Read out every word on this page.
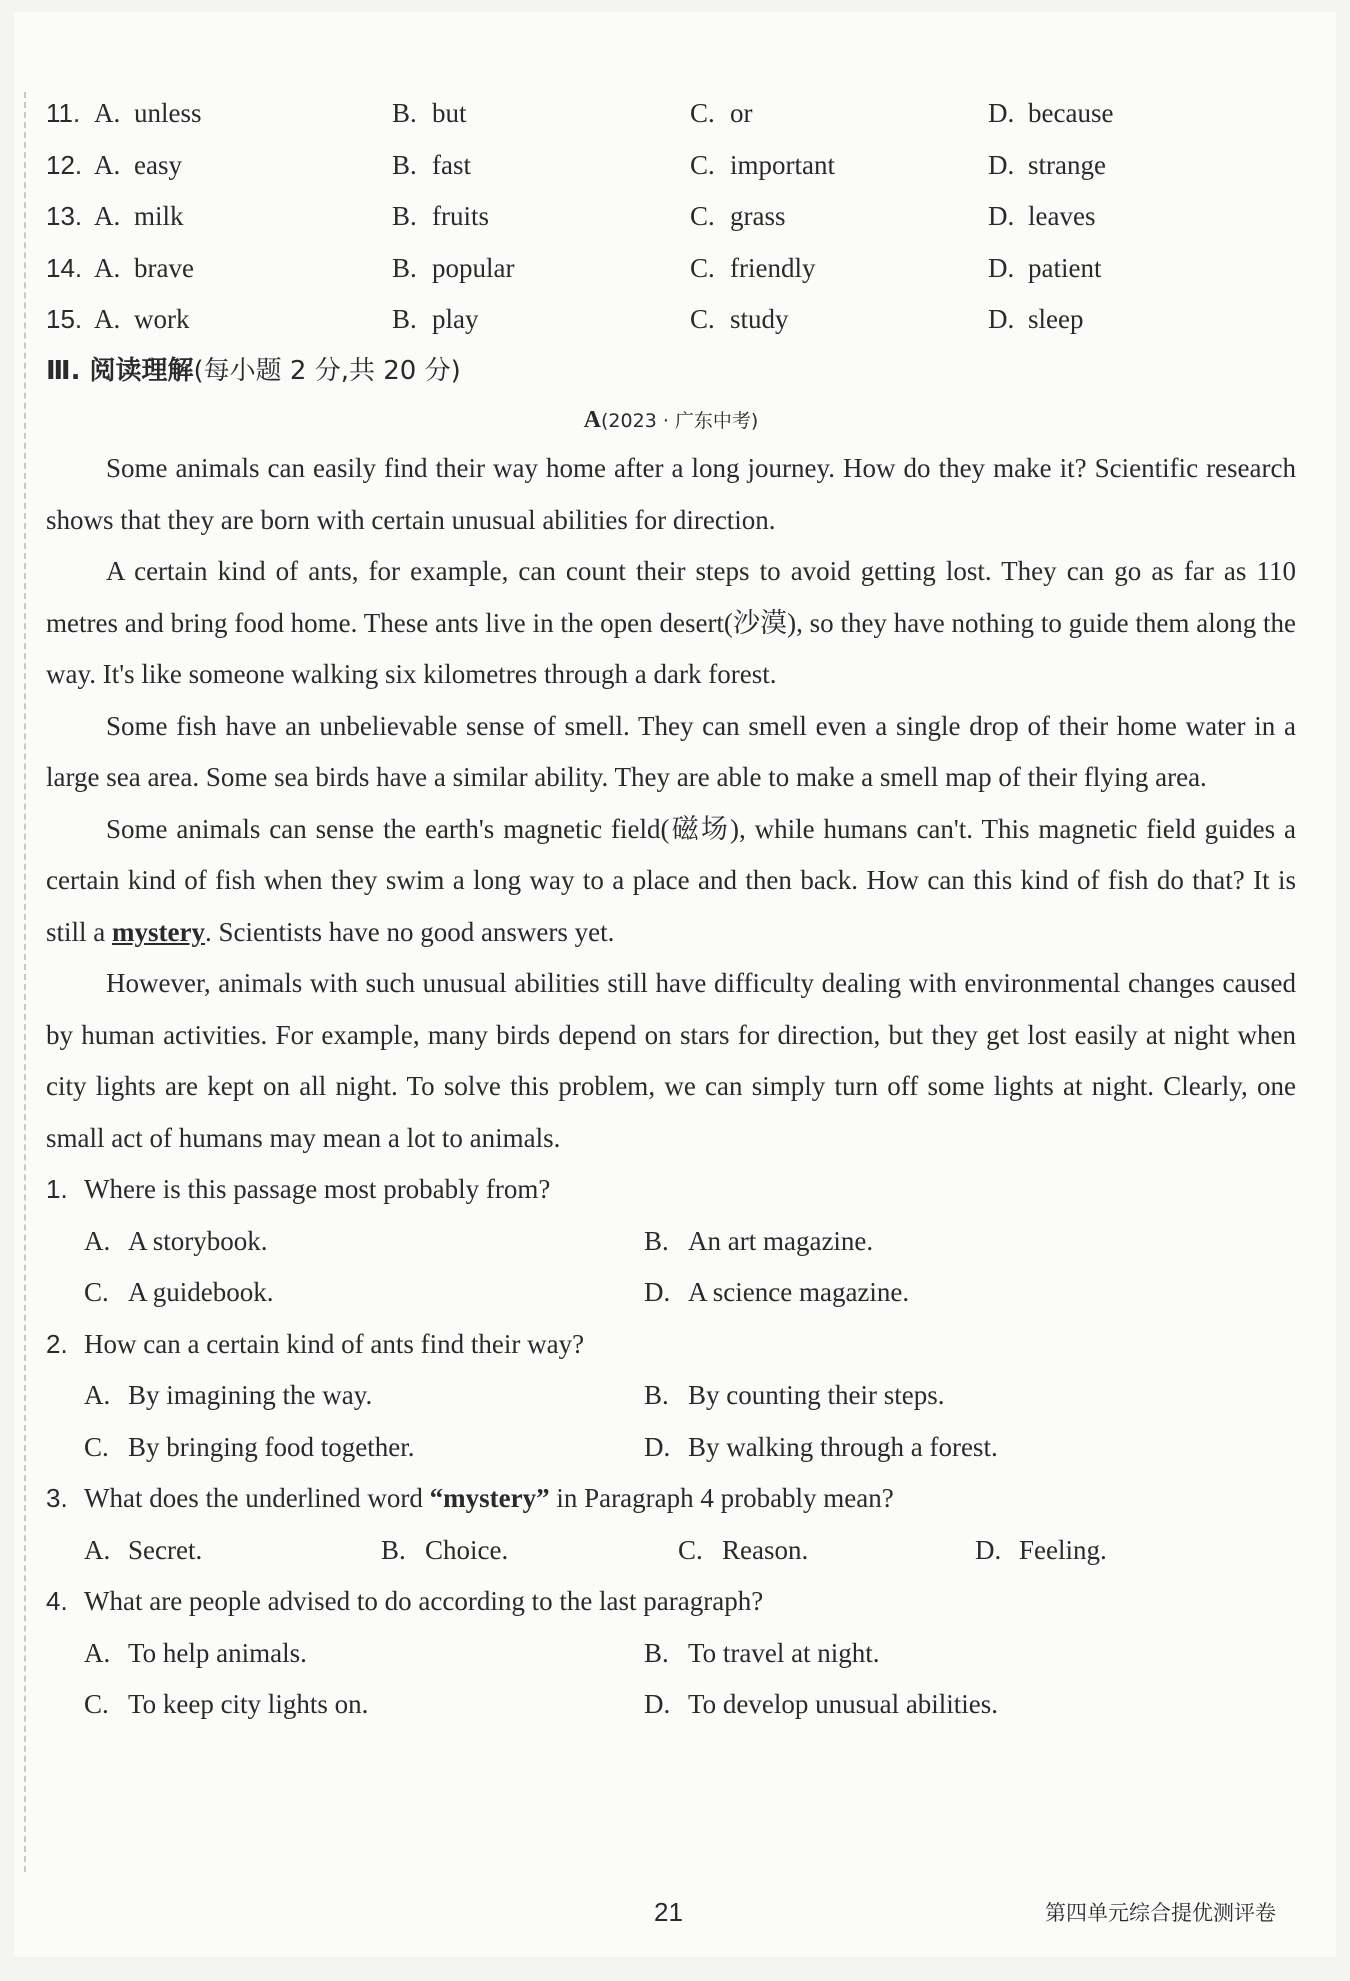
11. A. unless	B. but	C. or	D. because
12. A. easy	B. fast	C. important	D. strange
13. A. milk	B. fruits	C. grass	D. leaves
14. A. brave	B. popular	C. friendly	D. patient
15. A. work	B. play	C. study	D. sleep
Ⅲ. 阅读理解(每小题 2 分,共 20 分)
A(2023 · 广东中考)

Some animals can easily find their way home after a long journey. How do they make it? Scientific research shows that they are born with certain unusual abilities for direction.

A certain kind of ants, for example, can count their steps to avoid getting lost. They can go as far as 110 metres and bring food home. These ants live in the open desert(沙漠), so they have nothing to guide them along the way. It's like someone walking six kilometres through a dark forest.

Some fish have an unbelievable sense of smell. They can smell even a single drop of their home water in a large sea area. Some sea birds have a similar ability. They are able to make a smell map of their flying area.

Some animals can sense the earth's magnetic field(磁场), while humans can't. This magnetic field guides a certain kind of fish when they swim a long way to a place and then back. How can this kind of fish do that? It is still a mystery. Scientists have no good answers yet.

However, animals with such unusual abilities still have difficulty dealing with environmental changes caused by human activities. For example, many birds depend on stars for direction, but they get lost easily at night when city lights are kept on all night. To solve this problem, we can simply turn off some lights at night. Clearly, one small act of humans may mean a lot to animals.

1. Where is this passage most probably from?
A. A storybook.	B. An art magazine.
C. A guidebook.	D. A science magazine.
2. How can a certain kind of ants find their way?
A. By imagining the way.	B. By counting their steps.
C. By bringing food together.	D. By walking through a forest.
3. What does the underlined word “mystery” in Paragraph 4 probably mean?
A. Secret.	B. Choice.	C. Reason.	D. Feeling.
4. What are people advised to do according to the last paragraph?
A. To help animals.	B. To travel at night.
C. To keep city lights on.	D. To develop unusual abilities.
21	第四单元综合提优测评卷
